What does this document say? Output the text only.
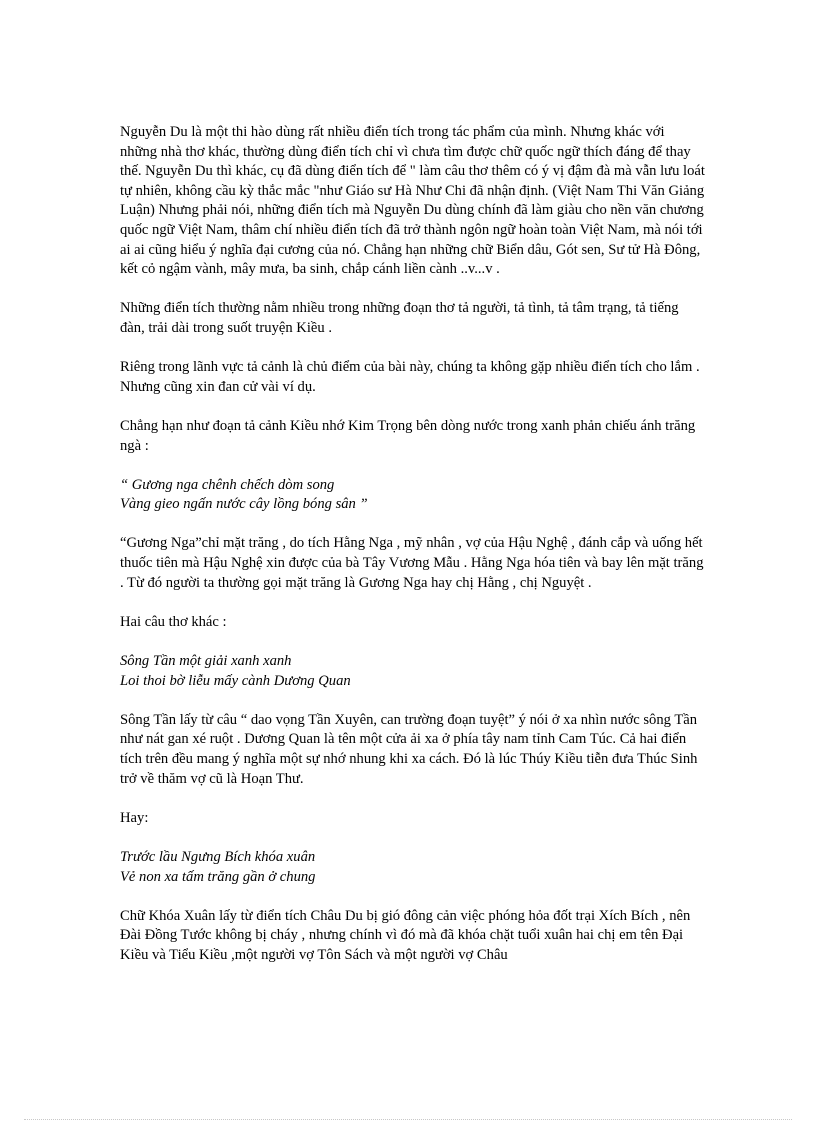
Nguyễn Du là một thi hào dùng rất nhiều điển tích trong tác phẩm của mình. Nhưng khác với những nhà thơ khác, thường dùng điển tích chỉ vì chưa tìm được chữ quốc ngữ thích đáng để thay thế. Nguyễn Du thì khác, cụ đã dùng điển tích để " làm câu thơ thêm có ý vị đậm đà mà vẫn lưu loát tự nhiên, không cầu kỳ thắc mắc "như Giáo sư Hà Như Chi đã nhận định. (Việt Nam Thi Văn Giảng Luận) Nhưng phải nói, những điển tích mà Nguyễn Du dùng chính đã làm giàu cho nền văn chương quốc ngữ Việt Nam, thâm chí nhiều điển tích đã trở thành ngôn ngữ hoàn toàn Việt Nam, mà nói tới ai ai cũng hiểu ý nghĩa đại cương của nó. Chẳng hạn những chữ Biển dâu, Gót sen, Sư tử Hà Đông, kết cỏ ngậm vành, mây mưa, ba sinh, chắp cánh liền cành ..v...v .

Những điển tích thường nằm nhiều trong những đoạn thơ tả người, tả tình, tả tâm trạng, tả tiếng đàn, trải dài trong suốt truyện Kiều .

Riêng trong lãnh vực tả cảnh là chủ điểm của bài này, chúng ta không gặp nhiều điển tích cho lắm . Nhưng cũng xin đan cử vài ví dụ.

Chẳng hạn như đoạn tả cảnh Kiều nhớ Kim Trọng bên dòng nước trong xanh phản chiếu ánh trăng ngà :

“ Gương nga chênh chếch dòm song
Vàng gieo ngấn nước cây lồng bóng sân ”

“Gương Nga”chỉ mặt trăng , do tích Hằng Nga , mỹ nhân , vợ của Hậu Nghệ , đánh cắp và uống hết thuốc tiên mà Hậu Nghệ xin được của bà Tây Vương Mẫu . Hằng Nga hóa tiên và bay lên mặt trăng . Từ đó người ta thường gọi mặt trăng là Gương Nga hay chị Hằng , chị Nguyệt .

Hai câu thơ khác :

Sông Tần một giải xanh xanh
Loi thoi bờ liễu mấy cành Dương Quan

Sông Tần lấy từ câu “ dao vọng Tần Xuyên, can trường đoạn tuyệt” ý nói ở xa nhìn nước sông Tần như nát gan xé ruột . Dương Quan là tên một cửa ải xa ở phía tây nam tỉnh Cam Túc. Cả hai điển tích trên đều mang ý nghĩa một sự nhớ nhung khi xa cách. Đó là lúc Thúy Kiều tiễn đưa Thúc Sinh trở về thăm vợ cũ là Hoạn Thư.

Hay:

Trước lầu Ngưng Bích khóa xuân
Vẻ non xa tấm trăng gần ở chung

Chữ Khóa Xuân lấy từ điển tích Châu Du bị gió đông cản việc phóng hỏa đốt trại Xích Bích , nên Đài Đồng Tước không bị cháy , nhưng chính vì đó mà đã khóa chặt tuổi xuân hai chị em tên Đại Kiều và Tiểu Kiều ,một người vợ Tôn Sách và một người vợ Châu
